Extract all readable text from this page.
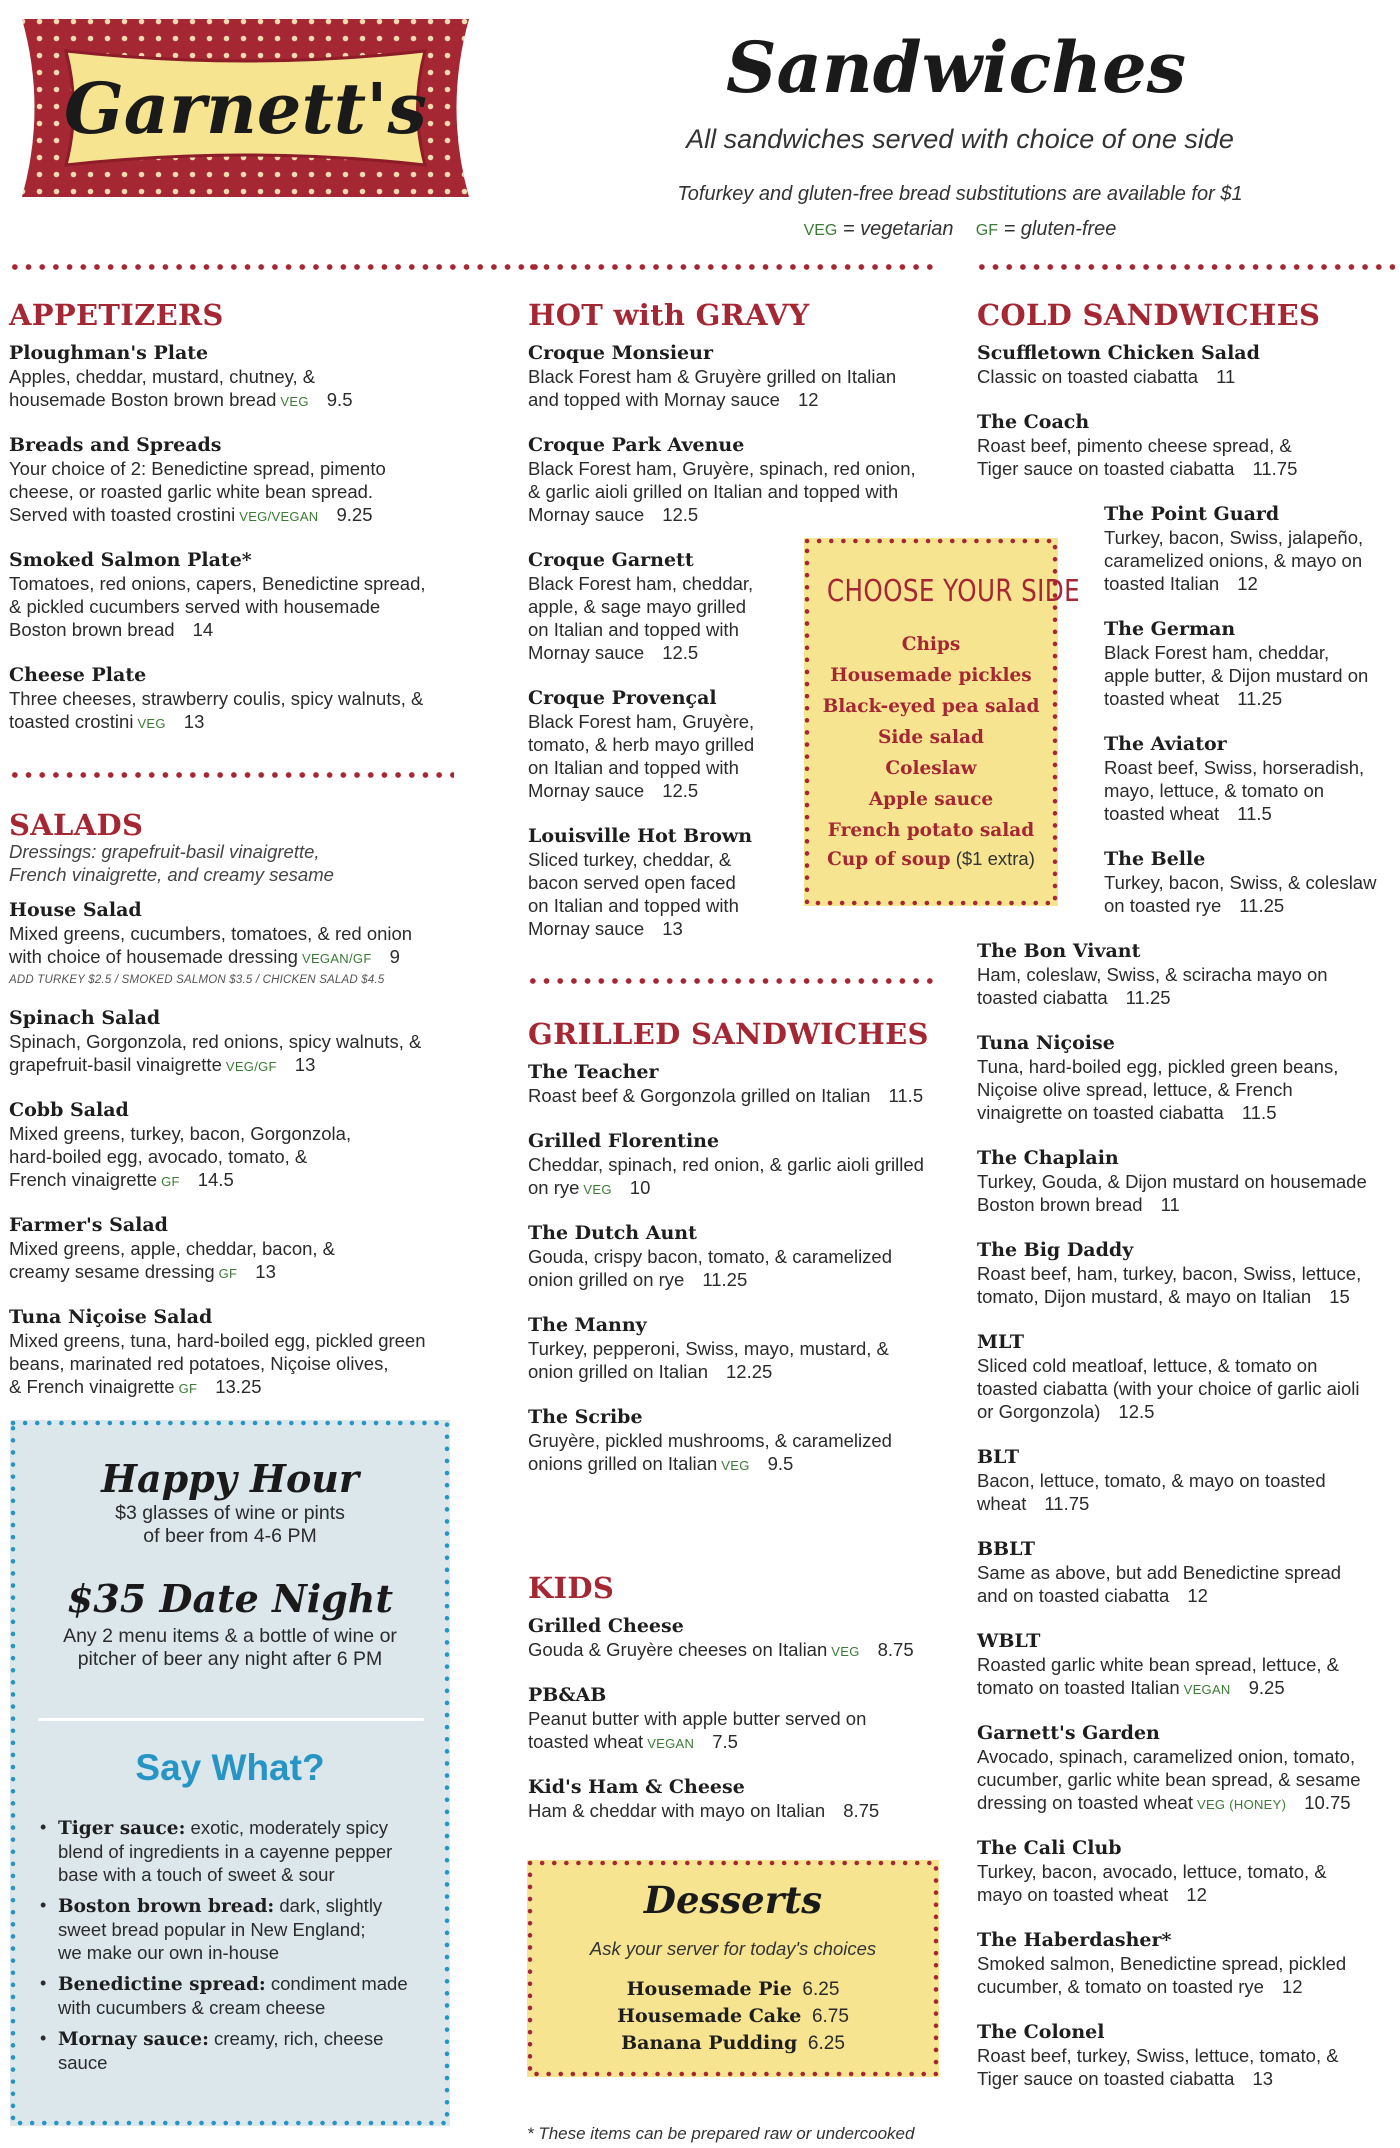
Garnett's	Sandwiches
All sandwiches served with choice of one side
Tofurkey and gluten-free bread substitutions are available for $1
VEG = vegetarian GF = gluten-free
APPETIZERS	HOT with GRAVY	COLD SANDWICHES
SALADS
GRILLED SANDWICHES
KIDS
Dressings: grapefruit-basil vinaigrette,
French vinaigrette, and creamy sesame
Ploughman's Plate
Apples, cheddar, mustard, chutney, &
housemade Boston brown bread VEG 9.5
Breads and Spreads
Your choice of 2: Benedictine spread, pimento
cheese, or roasted garlic white bean spread.
Served with toasted crostini VEG/VEGAN 9.25
Smoked Salmon Plate*
Tomatoes, red onions, capers, Benedictine spread,
& pickled cucumbers served with housemade
Boston brown bread 14
Cheese Plate
Three cheeses, strawberry coulis, spicy walnuts, &
toasted crostini VEG 13
House Salad
Mixed greens, cucumbers, tomatoes, & red onion
with choice of housemade dressing VEGAN/GF 9
ADD TURKEY $2.5 / SMOKED SALMON $3.5 / CHICKEN SALAD $4.5
Spinach Salad
Spinach, Gorgonzola, red onions, spicy walnuts, &
grapefruit-basil vinaigrette VEG/GF 13
Cobb Salad
Mixed greens, turkey, bacon, Gorgonzola,
hard-boiled egg, avocado, tomato, &
French vinaigrette GF 14.5
Farmer's Salad
Mixed greens, apple, cheddar, bacon, &
creamy sesame dressing GF 13
Tuna Niçoise Salad
Mixed greens, tuna, hard-boiled egg, pickled green
beans, marinated red potatoes, Niçoise olives,
& French vinaigrette GF 13.25
Croque Monsieur
Black Forest ham & Gruyère grilled on Italian
and topped with Mornay sauce 12
Croque Park Avenue
Black Forest ham, Gruyère, spinach, red onion,
& garlic aioli grilled on Italian and topped with
Mornay sauce 12.5
Croque Garnett
Black Forest ham, cheddar,
apple, & sage mayo grilled
on Italian and topped with
Mornay sauce 12.5
Croque Provençal
Black Forest ham, Gruyère,
tomato, & herb mayo grilled
on Italian and topped with
Mornay sauce 12.5
Louisville Hot Brown
Sliced turkey, cheddar, &
bacon served open faced
on Italian and topped with
Mornay sauce 13
The Teacher
Roast beef & Gorgonzola grilled on Italian 11.5
Grilled Florentine
Cheddar, spinach, red onion, & garlic aioli grilled
on rye VEG 10
The Dutch Aunt
Gouda, crispy bacon, tomato, & caramelized
onion grilled on rye 11.25
The Manny
Turkey, pepperoni, Swiss, mayo, mustard, &
onion grilled on Italian 12.25
The Scribe
Gruyère, pickled mushrooms, & caramelized
onions grilled on Italian VEG 9.5
Grilled Cheese
Gouda & Gruyère cheeses on Italian VEG 8.75
PB&AB
Peanut butter with apple butter served on
toasted wheat VEGAN 7.5
Kid's Ham & Cheese
Ham & cheddar with mayo on Italian 8.75
Scuffletown Chicken Salad
Classic on toasted ciabatta 11
The Coach
Roast beef, pimento cheese spread, &
Tiger sauce on toasted ciabatta 11.75
The Point Guard
Turkey, bacon, Swiss, jalapeño,
caramelized onions, & mayo on
toasted Italian 12
The German
Black Forest ham, cheddar,
apple butter, & Dijon mustard on
toasted wheat 11.25
The Aviator
Roast beef, Swiss, horseradish,
mayo, lettuce, & tomato on
toasted wheat 11.5
The Belle
Turkey, bacon, Swiss, & coleslaw
on toasted rye 11.25
The Bon Vivant
Ham, coleslaw, Swiss, & sciracha mayo on
toasted ciabatta 11.25
Tuna Niçoise
Tuna, hard-boiled egg, pickled green beans,
Niçoise olive spread, lettuce, & French
vinaigrette on toasted ciabatta 11.5
The Chaplain
Turkey, Gouda, & Dijon mustard on housemade
Boston brown bread 11
The Big Daddy
Roast beef, ham, turkey, bacon, Swiss, lettuce,
tomato, Dijon mustard, & mayo on Italian 15
MLT
Sliced cold meatloaf, lettuce, & tomato on
toasted ciabatta (with your choice of garlic aioli
or Gorgonzola) 12.5
BLT
Bacon, lettuce, tomato, & mayo on toasted
wheat 11.75
BBLT
Same as above, but add Benedictine spread
and on toasted ciabatta 12
WBLT
Roasted garlic white bean spread, lettuce, &
tomato on toasted Italian VEGAN 9.25
Garnett's Garden
Avocado, spinach, caramelized onion, tomato,
cucumber, garlic white bean spread, & sesame
dressing on toasted wheat VEG (HONEY) 10.75
The Cali Club
Turkey, bacon, avocado, lettuce, tomato, &
mayo on toasted wheat 12
The Haberdasher*
Smoked salmon, Benedictine spread, pickled
cucumber, & tomato on toasted rye 12
The Colonel
Roast beef, turkey, Swiss, lettuce, tomato, &
Tiger sauce on toasted ciabatta 13
CHOOSE YOUR SIDE
Chips
Housemade pickles
Black-eyed pea salad
Side salad
Coleslaw
Apple sauce
French potato salad
Cup of soup ($1 extra)
Happy Hour
$3 glasses of wine or pints
of beer from 4-6 PM
$35 Date Night
Any 2 menu items & a bottle of wine or
pitcher of beer any night after 6 PM
Say What?
• Tiger sauce: exotic, moderately spicy
blend of ingredients in a cayenne pepper
base with a touch of sweet & sour
• Boston brown bread: dark, slightly
sweet bread popular in New England;
we make our own in-house
• Benedictine spread: condiment made
with cucumbers & cream cheese
• Mornay sauce: creamy, rich, cheese
sauce
Desserts
Ask your server for today's choices
Housemade Pie  6.25
Housemade Cake  6.75
Banana Pudding  6.25
* These items can be prepared raw or undercooked
